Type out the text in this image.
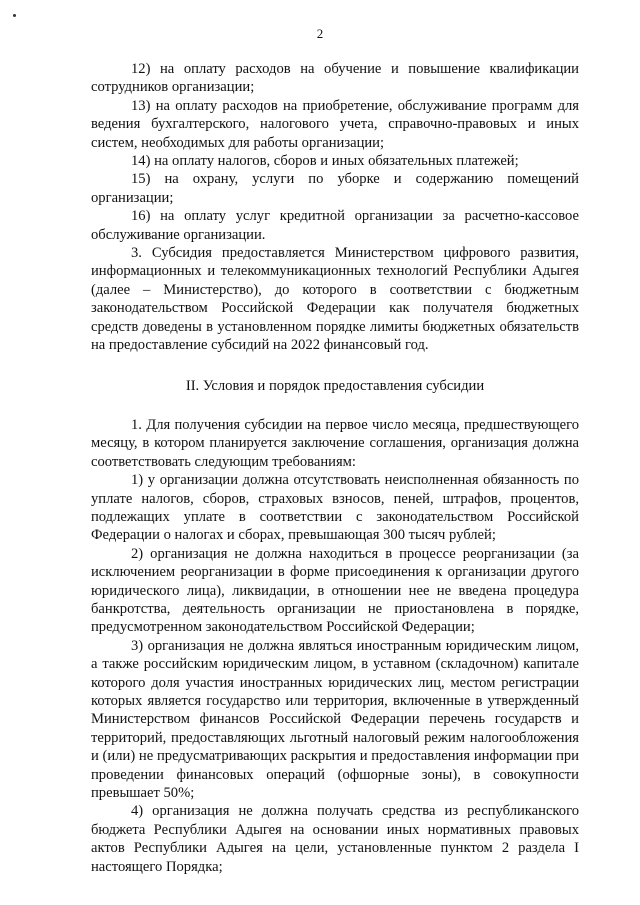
2

12) на оплату расходов на обучение и повышение квалификации сотрудников организации;

13) на оплату расходов на приобретение, обслуживание программ для ведения бухгалтерского, налогового учета, справочно-правовых и иных систем, необходимых для работы организации;

14) на оплату налогов, сборов и иных обязательных платежей;

15) на охрану, услуги по уборке и содержанию помещений организации;

16) на оплату услуг кредитной организации за расчетно-кассовое обслуживание организации.

3. Субсидия предоставляется Министерством цифрового развития, информационных и телекоммуникационных технологий Республики Адыгея (далее – Министерство), до которого в соответствии с бюджетным законодательством Российской Федерации как получателя бюджетных средств доведены в установленном порядке лимиты бюджетных обязательств на предоставление субсидий на 2022 финансовый год.

II. Условия и порядок предоставления субсидии

1. Для получения субсидии на первое число месяца, предшествующего месяцу, в котором планируется заключение соглашения, организация должна соответствовать следующим требованиям:

1) у организации должна отсутствовать неисполненная обязанность по уплате налогов, сборов, страховых взносов, пеней, штрафов, процентов, подлежащих уплате в соответствии с законодательством Российской Федерации о налогах и сборах, превышающая 300 тысяч рублей;

2) организация не должна находиться в процессе реорганизации (за исключением реорганизации в форме присоединения к организации другого юридического лица), ликвидации, в отношении нее не введена процедура банкротства, деятельность организации не приостановлена в порядке, предусмотренном законодательством Российской Федерации;

3) организация не должна являться иностранным юридическим лицом, а также российским юридическим лицом, в уставном (складочном) капитале которого доля участия иностранных юридических лиц, местом регистрации которых является государство или территория, включенные в утвержденный Министерством финансов Российской Федерации перечень государств и территорий, предоставляющих льготный налоговый режим налогообложения и (или) не предусматривающих раскрытия и предоставления информации при проведении финансовых операций (офшорные зоны), в совокупности превышает 50%;

4) организация не должна получать средства из республиканского бюджета Республики Адыгея на основании иных нормативных правовых актов Республики Адыгея на цели, установленные пунктом 2 раздела I настоящего Порядка;
